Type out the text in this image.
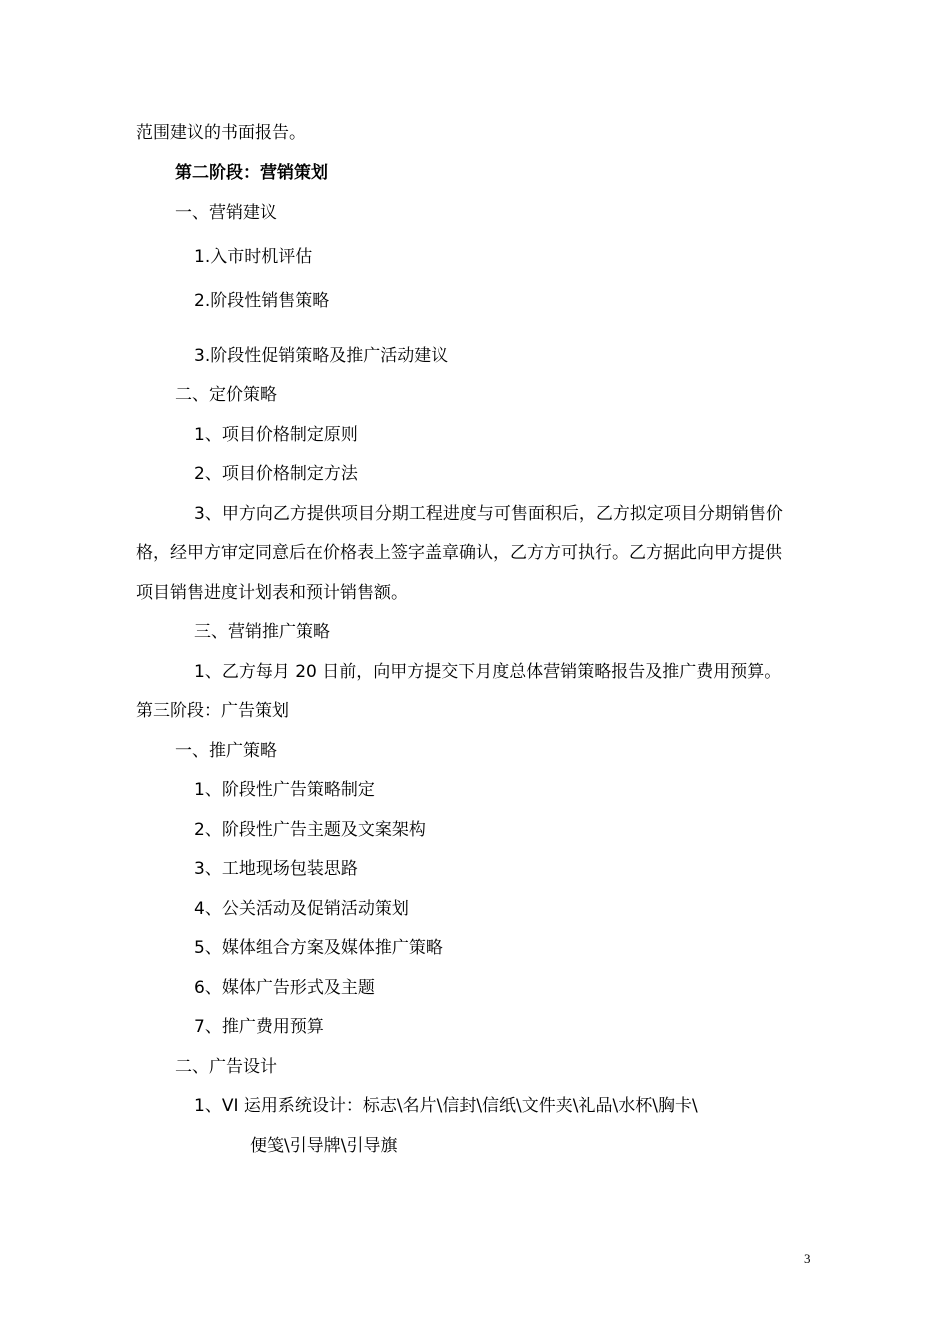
范围建议的书面报告。
第二阶段：营销策划
一、营销建议
1.入市时机评估
2.阶段性销售策略
3.阶段性促销策略及推广活动建议
二、定价策略
1、项目价格制定原则
2、项目价格制定方法
3、甲方向乙方提供项目分期工程进度与可售面积后，乙方拟定项目分期销售价
格，经甲方审定同意后在价格表上签字盖章确认，乙方方可执行。乙方据此向甲方提供
项目销售进度计划表和预计销售额。
三、营销推广策略
1、乙方每月 20 日前，向甲方提交下月度总体营销策略报告及推广费用预算。
第三阶段：广告策划
一、推广策略
1、阶段性广告策略制定
2、阶段性广告主题及文案架构
3、工地现场包装思路
4、公关活动及促销活动策划
5、媒体组合方案及媒体推广策略
6、媒体广告形式及主题
7、推广费用预算
二、广告设计
1、VI 运用系统设计：标志\名片\信封\信纸\文件夹\礼品\水杯\胸卡\
便笺\引导牌\引导旗
3
